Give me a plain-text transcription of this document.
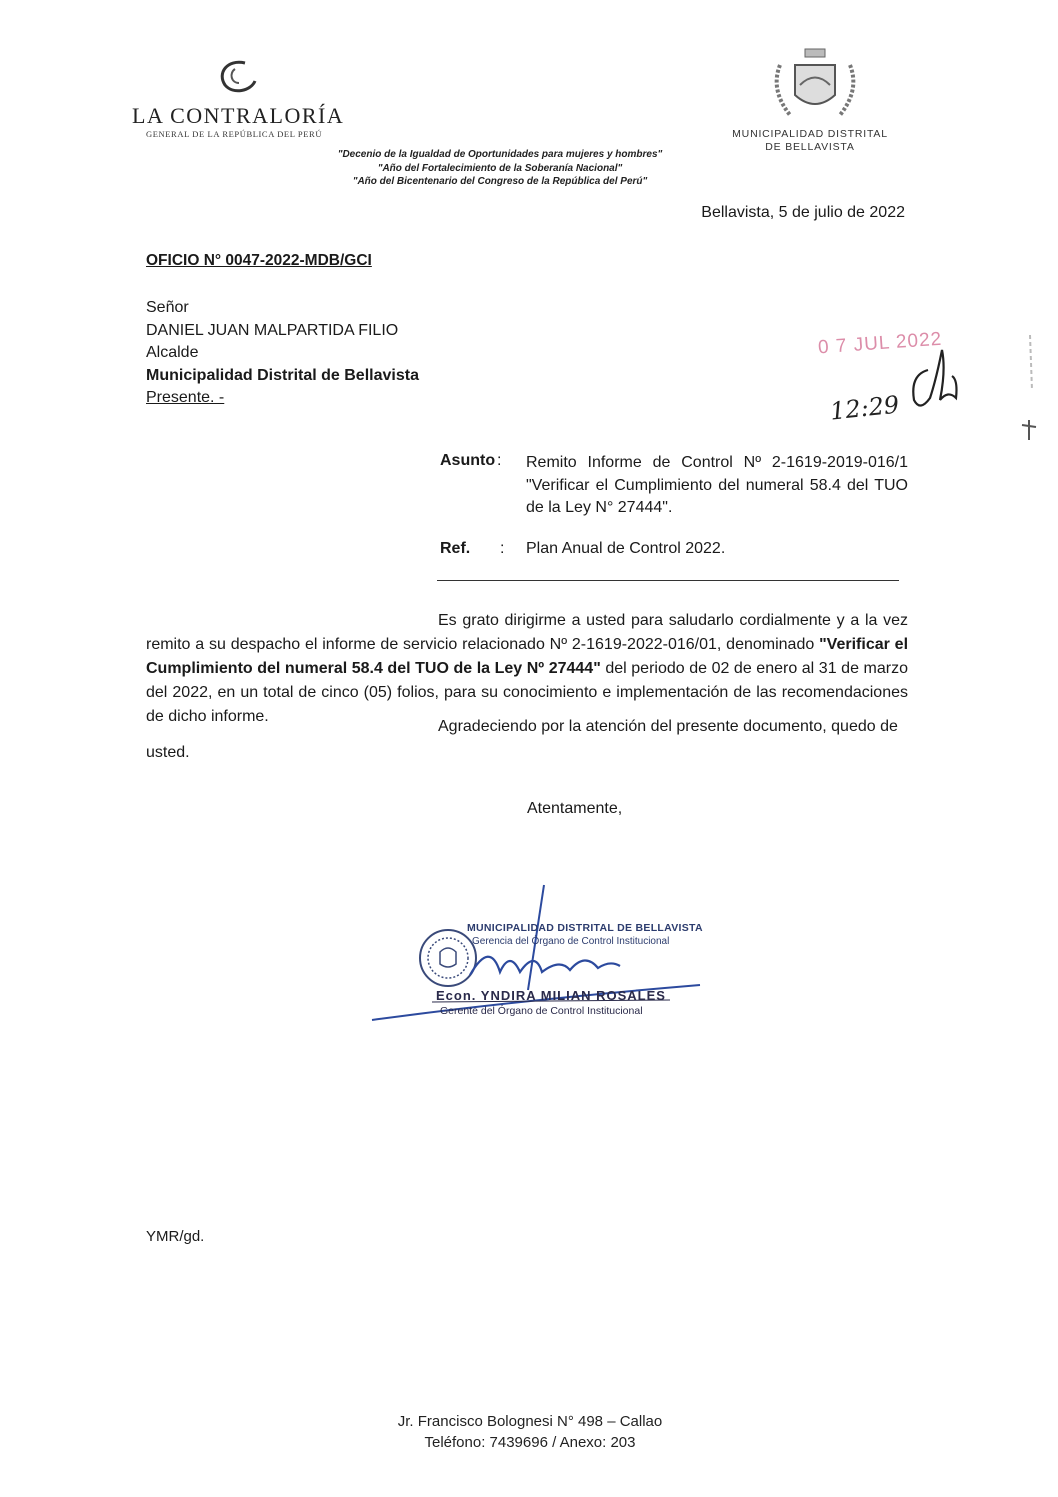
LA CONTRALORÍA
GENERAL DE LA REPÚBLICA DEL PERÚ	MUNICIPALIDAD DISTRITAL
DE BELLAVISTA
"Decenio de la Igualdad de Oportunidades para mujeres y hombres"
"Año del Fortalecimiento de la Soberanía Nacional"
"Año del Bicentenario del Congreso de la República del Perú"
Bellavista, 5 de julio de 2022
OFICIO N° 0047-2022-MDB/GCI
Señor
DANIEL JUAN MALPARTIDA FILIO
Alcalde
Municipalidad Distrital de Bellavista
Presente. -
0 7 JUL 2022
12:29
Asunto : Remito Informe de Control Nº 2-1619-2019-016/1 "Verificar el Cumplimiento del numeral 58.4 del TUO de la Ley N° 27444".
Ref. : Plan Anual de Control 2022.
Es grato dirigirme a usted para saludarlo cordialmente y a la vez remito a su despacho el informe de servicio relacionado Nº 2-1619-2022-016/01, denominado "Verificar el Cumplimiento del numeral 58.4 del TUO de la Ley Nº 27444" del periodo de 02 de enero al 31 de marzo del 2022, en un total de cinco (05) folios, para su conocimiento e implementación de las recomendaciones de dicho informe.
Agradeciendo por la atención del presente documento, quedo de
usted.
Atentamente,
MUNICIPALIDAD DISTRITAL DE BELLAVISTA
Gerencia del Órgano de Control Institucional
Econ. YNDIRA MILIAN ROSALES
Gerente del Órgano de Control Institucional
YMR/gd.
Jr. Francisco Bolognesi N° 498 – Callao
Teléfono: 7439696 / Anexo: 203
